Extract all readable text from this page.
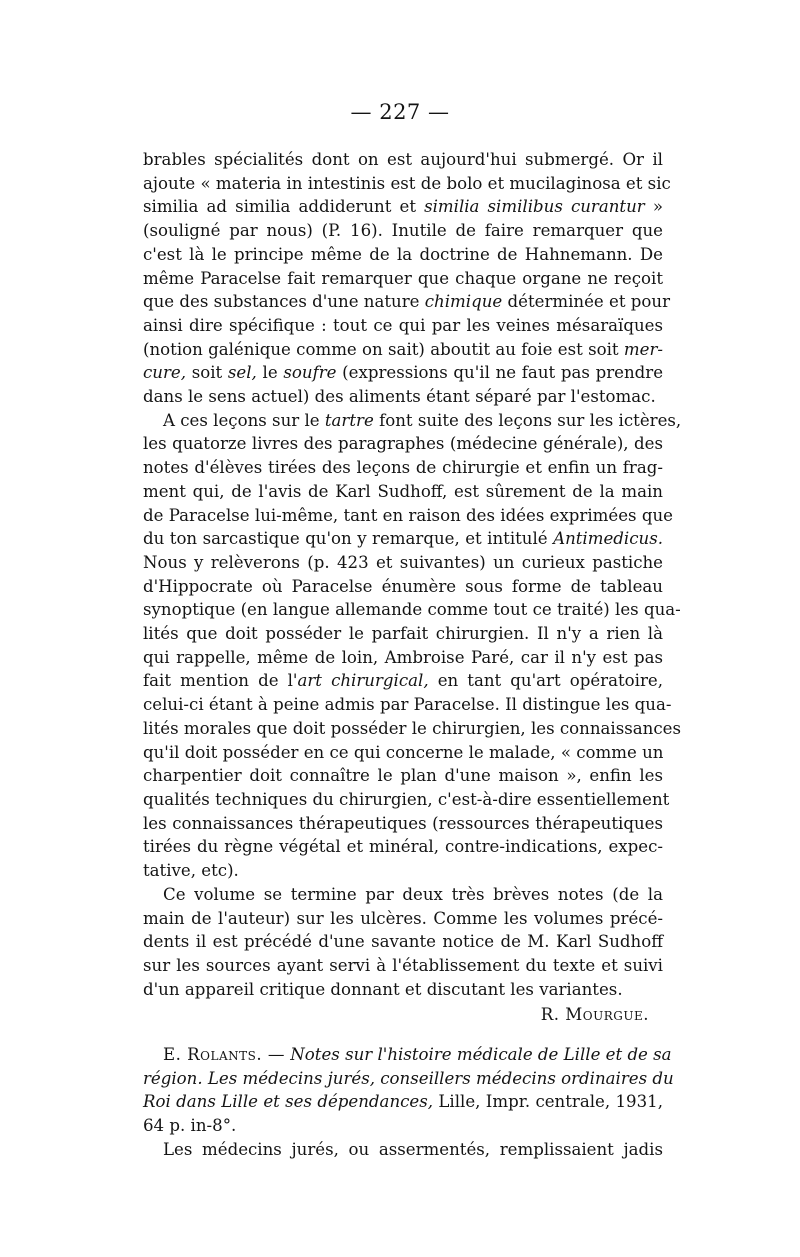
— 227 —
brables spécialités dont on est aujourd'hui submergé. Or il
ajoute « materia in intestinis est de bolo et mucilaginosa et sic
similia ad similia addiderunt et similia similibus curantur »
(souligné par nous) (P. 16). Inutile de faire remarquer que
c'est là le principe même de la doctrine de Hahnemann. De
même Paracelse fait remarquer que chaque organe ne reçoit
que des substances d'une nature chimique déterminée et pour
ainsi dire spécifique : tout ce qui par les veines mésaraïques
(notion galénique comme on sait) aboutit au foie est soit mer-
cure, soit sel, le soufre (expressions qu'il ne faut pas prendre
dans le sens actuel) des aliments étant séparé par l'estomac.
A ces leçons sur le tartre font suite des leçons sur les ictères,
les quatorze livres des paragraphes (médecine générale), des
notes d'élèves tirées des leçons de chirurgie et enfin un frag-
ment qui, de l'avis de Karl Sudhoff, est sûrement de la main
de Paracelse lui-même, tant en raison des idées exprimées que
du ton sarcastique qu'on y remarque, et intitulé Antimedicus.
Nous y relèverons (p. 423 et suivantes) un curieux pastiche
d'Hippocrate où Paracelse énumère sous forme de tableau
synoptique (en langue allemande comme tout ce traité) les qua-
lités que doit posséder le parfait chirurgien. Il n'y a rien là
qui rappelle, même de loin, Ambroise Paré, car il n'y est pas
fait mention de l'art chirurgical, en tant qu'art opératoire,
celui-ci étant à peine admis par Paracelse. Il distingue les qua-
lités morales que doit posséder le chirurgien, les connaissances
qu'il doit posséder en ce qui concerne le malade, « comme un
charpentier doit connaître le plan d'une maison », enfin les
qualités techniques du chirurgien, c'est-à-dire essentiellement
les connaissances thérapeutiques (ressources thérapeutiques
tirées du règne végétal et minéral, contre-indications, expec-
tative, etc).
Ce volume se termine par deux très brèves notes (de la
main de l'auteur) sur les ulcères. Comme les volumes précé-
dents il est précédé d'une savante notice de M. Karl Sudhoff
sur les sources ayant servi à l'établissement du texte et suivi
d'un appareil critique donnant et discutant les variantes.
R. Mourgue.
E. Rolants. — Notes sur l'histoire médicale de Lille et de sa
région. Les médecins jurés, conseillers médecins ordinaires du
Roi dans Lille et ses dépendances, Lille, Impr. centrale, 1931,
64 p. in-8°.
Les médecins jurés, ou assermentés, remplissaient jadis
